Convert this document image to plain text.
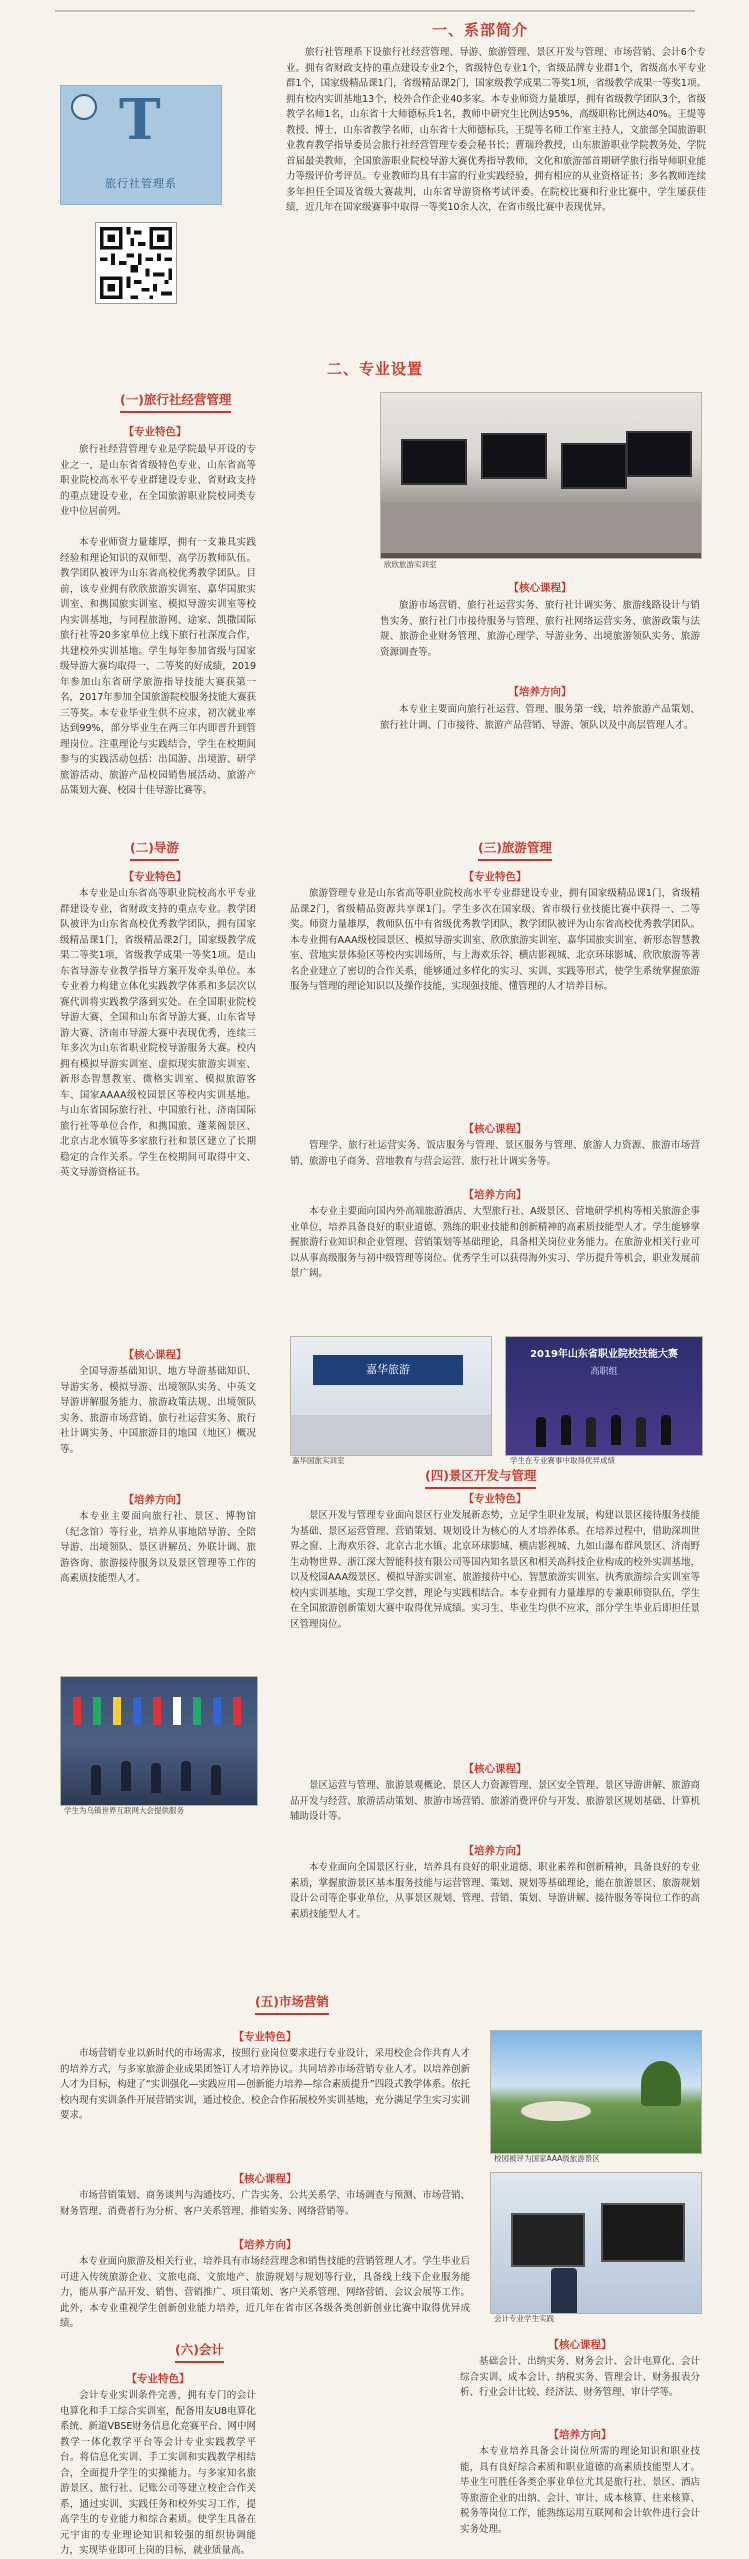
一、系部简介
T
旅行社管理系

旅行社管理系下设旅行社经营管理、导游、旅游管理、景区开发与管理、市场营销、会计6个专业。拥有省财政支持的重点建设专业2个，省级特色专业1个，省级品牌专业群1个，省级高水平专业群1个，国家级精品课1门，省级精品课2门，国家级教学成果二等奖1项，省级教学成果一等奖1项。拥有校内实训基地13个，校外合作企业40多家。本专业师资力量雄厚，拥有省级教学团队3个，省级教学名师1名，山东省十大师德标兵1名，教师中研究生比例达95%，高级职称比例达40%。王缇等教授、博士，山东省教学名师，山东省十大师德标兵，王缇等名师工作室主持人，文旅部全国旅游职业教育教学指导委员会旅行社经营管理专委会秘书长；曹瑞玲教授，山东旅游职业学院教务处、学院首届最美教师，全国旅游职业院校导游大赛优秀指导教师，文化和旅游部首期研学旅行指导师职业能力等级评价考评员。专业教师均具有丰富的行业实践经验，拥有相应的从业资格证书；多名教师连续多年担任全国及省级大赛裁判，山东省导游资格考试评委。在院校比赛和行业比赛中，学生屡获佳绩，近几年在国家级赛事中取得一等奖10余人次，在省市级比赛中表现优异。

二、专业设置
(一)旅行社经营管理
【专业特色】

旅行社经营管理专业是学院最早开设的专业之一，是山东省省级特色专业、山东省高等职业院校高水平专业群建设专业、省财政支持的重点建设专业，在全国旅游职业院校同类专业中位居前列。

本专业师资力量雄厚，拥有一支兼具实践经验和理论知识的双师型、高学历教师队伍。教学团队被评为山东省高校优秀教学团队。目前，该专业拥有欣欣旅游实训室、嘉华国旅实训室、和携国旅实训室、模拟导游实训室等校内实训基地，与同程旅游网、途家、凯撒国际旅行社等20多家单位上线下旅行社深度合作，共建校外实训基地。学生每年参加省级与国家级导游大赛均取得一、二等奖的好成绩，2019年参加山东省研学旅游指导技能大赛获第一名，2017年参加全国旅游院校服务技能大赛获三等奖。本专业毕业生供不应求，初次就业率达到99%，部分毕业生在两三年内即晋升到管理岗位。注重理论与实践结合，学生在校期间参与的实践活动包括：出国游、出境游、研学旅游活动、旅游产品校园销售展活动、旅游产品策划大赛、校园十佳导游比赛等。

欣欣旅游实训室
【核心课程】

旅游市场营销、旅行社运营实务、旅行社计调实务、旅游线路设计与销售实务、旅行社门市接待服务与管理、旅行社网络运营实务、旅游政策与法规、旅游企业财务管理、旅游心理学、导游业务、出境旅游领队实务、旅游资源调查等。

【培养方向】

本专业主要面向旅行社运营、管理、服务第一线，培养旅游产品策划、旅行社计调、门市接待、旅游产品营销、导游、领队以及中高层管理人才。

(二)导游
【专业特色】

本专业是山东省高等职业院校高水平专业群建设专业，省财政支持的重点专业。教学团队被评为山东省高校优秀教学团队，拥有国家级精品课1门，省级精品课2门，国家级教学成果二等奖1项，省级教学成果一等奖1项。是山东省导游专业教学指导方案开发牵头单位。本专业着力构建立体化实践教学体系和多层次以赛代训将实践教学落到实处。在全国职业院校导游大赛、全国和山东省导游大赛、山东省导游大赛、济南市导游大赛中表现优秀，连续三年多次为山东省职业院校导游服务大赛。校内拥有模拟导游实训室、虚拟现实旅游实训室、新形态智慧教室、微格实训室、模拟旅游客车、国家AAAA级校园景区等校内实训基地。与山东省国际旅行社、中国旅行社、济南国际旅行社等单位合作，和携国旅、蓬莱阁景区、北京古北水镇等多家旅行社和景区建立了长期稳定的合作关系。学生在校期间可取得中文、英文导游资格证书。

【核心课程】

全国导游基础知识、地方导游基础知识、导游实务、模拟导游、出境领队实务、中英文导游讲解服务能力、旅游政策法规、出境领队实务、旅游市场营销、旅行社运营实务、旅行社计调实务、中国旅游目的地国（地区）概况等。

【培养方向】

本专业主要面向旅行社、景区、博物馆（纪念馆）等行业，培养从事地陪导游、全陪导游、出境领队、景区讲解员、外联计调、旅游咨询、旅游接待服务以及景区管理等工作的高素质技能型人才。

学生为乌镇世界互联网大会提供服务
(三)旅游管理
【专业特色】

旅游管理专业是山东省高等职业院校高水平专业群建设专业，拥有国家级精品课1门，省级精品课2门，省级精品资源共享课1门。学生多次在国家级、省市级行业技能比赛中获得一、二等奖。师资力量雄厚，教师队伍中有省级优秀教学团队，教学团队被评为山东省高校优秀教学团队。本专业拥有AAA级校园景区、模拟导游实训室、欣欣旅游实训室、嘉华国旅实训室、新形态智慧教室、营地实景体验区等校内实训场所，与上海欢乐谷、横店影视城、北京环球影城、欣欣旅游等著名企业建立了密切的合作关系，能够通过多样化的实习、实训、实践等形式，使学生系统掌握旅游服务与管理的理论知识以及操作技能，实现强技能、懂管理的人才培养目标。

【核心课程】

管理学、旅行社运营实务、饭店服务与管理、景区服务与管理、旅游人力资源、旅游市场营销、旅游电子商务、营地教育与营会运营、旅行社计调实务等。

【培养方向】

本专业主要面向国内外高端旅游酒店、大型旅行社、A级景区、营地研学机构等相关旅游企事业单位，培养具备良好的职业道德、熟练的职业技能和创新精神的高素质技能型人才。学生能够掌握旅游行业知识和企业管理、营销策划等基础理论，具备相关岗位业务能力。在旅游业相关行业可以从事高级服务与初中级管理等岗位。优秀学生可以获得海外实习、学历提升等机会，职业发展前景广阔。

嘉华旅游
嘉华国旅实训室
2019年山东省职业院校技能大赛
高职组
学生在专业赛事中取得优异成绩
(四)景区开发与管理
【专业特色】

景区开发与管理专业面向景区行业发展新态势，立足学生职业发展，构建以景区接待服务技能为基础、景区运营管理、营销策划、规划设计为核心的人才培养体系。在培养过程中，借助深圳世界之窗、上海欢乐谷、北京古北水镇、北京环球影城、横店影视城、九如山瀑布群风景区、济南野生动物世界、浙江深大智能科技有限公司等国内知名景区和相关高科技企业构成的校外实训基地，以及校园AAA级景区、模拟导游实训室、旅游接待中心、智慧旅游实训室、执秀旅游综合实训室等校内实训基地，实现工学交替，理论与实践相结合。本专业拥有力量雄厚的专兼职师资队伍，学生在全国旅游创新策划大赛中取得优异成绩。实习生、毕业生均供不应求，部分学生毕业后即担任景区管理岗位。

【核心课程】

景区运营与管理、旅游景观概论、景区人力资源管理、景区安全管理、景区导游讲解、旅游商品开发与经营、旅游活动策划、旅游市场营销、旅游消费评价与开发、旅游景区规划基础、计算机辅助设计等。

【培养方向】

本专业面向全国景区行业，培养具有良好的职业道德、职业素养和创新精神，具备良好的专业素质，掌握旅游景区基本服务技能与运营管理、策划、规划等基础理论，能在旅游景区、旅游规划设计公司等企事业单位，从事景区规划、管理、营销、策划、导游讲解、接待服务等岗位工作的高素质技能型人才。

(五)市场营销
【专业特色】

市场营销专业以新时代的市场需求，按照行业岗位要求进行专业设计，采用校企合作共育人才的培养方式，与多家旅游企业成果团签订人才培养协议。共同培养市场营销专业人才。以培养创新人才为目标，构建了“实训强化—实践应用—创新能力培养—综合素质提升”四段式教学体系。依托校内现有实训条件开展营销实训，通过校企、校企合作拓展校外实训基地，充分满足学生实习实训要求。

【核心课程】

市场营销策划、商务谈判与沟通技巧、广告实务、公共关系学、市场调查与预测、市场营销、财务管理、消费者行为分析、客户关系管理、推销实务、网络营销等。

【培养方向】

本专业面向旅游及相关行业，培养具有市场经营理念和销售技能的营销管理人才。学生毕业后可进入传统旅游企业、文旅电商、文旅地产、旅游规划与规划等行业，具备线上线下企业服务能力，能从事产品开发、销售、营销推广、项目策划、客户关系管理、网络营销、会议会展等工作。此外，本专业重视学生创新创业能力培养，近几年在省市区各级各类创新创业比赛中取得优异成绩。

校园被评为国家AAA级旅游景区
会计专业学生实践
(六)会计
【专业特色】

会计专业实训条件完善，拥有专门的会计电算化和手工综合实训室，配备用友U8电算化系统、新道VBSE财务信息化竞赛平台、网中网教学一体化教学平台等会计专业实践教学平台。将信息化实训、手工实训和实践教学相结合，全面提升学生的实操能力。与多家知名旅游景区、旅行社、记账公司等建立校企合作关系，通过实训、实践任务和校外实习工作，提高学生的专业能力和综合素质。使学生具备在元宇宙的专业理论知识和较强的组织协调能力，实现毕业即可上岗的目标，就业质量高。

【核心课程】

基础会计、出纳实务、财务会计、会计电算化、会计综合实训、成本会计、纳税实务、管理会计、财务报表分析、行业会计比较、经济法、财务管理、审计学等。

【培养方向】

本专业培养具备会计岗位所需的理论知识和职业技能，具有良好综合素质和职业道德的高素质技能型人才。毕业生可胜任各类企事业单位尤其是旅行社、景区、酒店等旅游企业的出纳、会计、审计、成本核算、往来核算、税务等岗位工作，能熟练运用互联网和会计软件进行会计实务处理。
